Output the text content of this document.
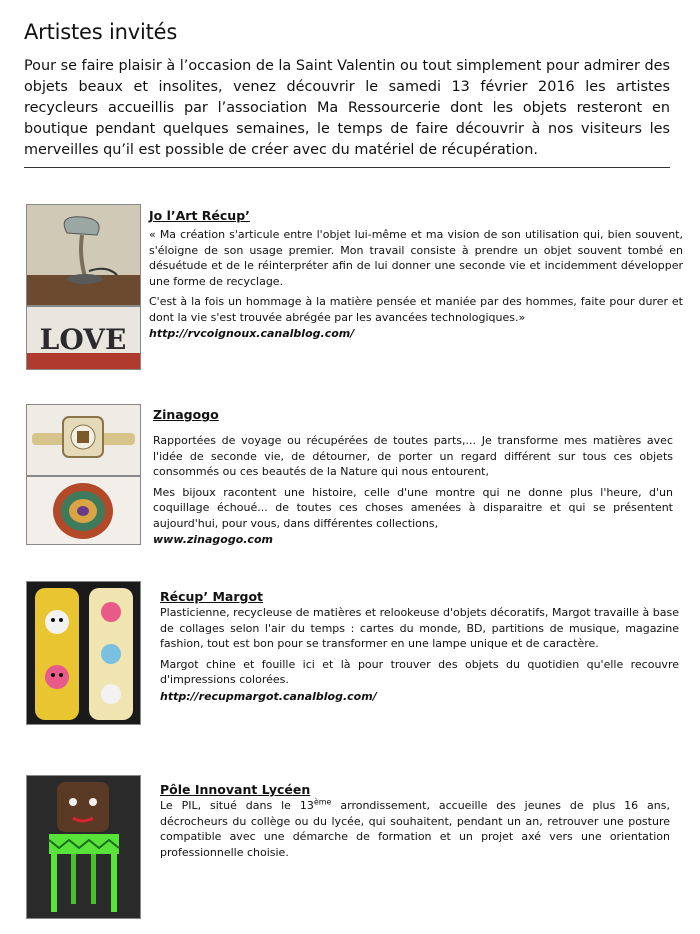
Artistes invités

Pour se faire plaisir à l’occasion de la Saint Valentin ou tout simplement pour admirer des objets beaux et insolites, venez découvrir le samedi 13 février 2016 les artistes recycleurs accueillis par l’association Ma Ressourcerie dont les objets resteront en boutique pendant quelques semaines, le temps de faire découvrir à nos visiteurs les merveilles qu’il est possible de créer avec du matériel de récupération.

LOVE
Jo l’Art Récup’

« Ma création s'articule entre l'objet lui-même et ma vision de son utilisation qui, bien souvent, s'éloigne de son usage premier. Mon travail consiste à prendre un objet souvent tombé en désuétude et de le réinterpréter afin de lui donner une seconde vie et incidemment développer une forme de recyclage.

C'est à la fois un hommage à la matière pensée et maniée par des hommes, faite pour durer et dont la vie s'est trouvée abrégée par les avancées technologiques.»

http://rvcoignoux.canalblog.com/
Zinagogo

Rapportées de voyage ou récupérées de toutes parts,... Je transforme mes matières avec l'idée de seconde vie, de détourner, de porter un regard différent sur tous ces objets consommés ou ces beautés de la Nature qui nous entourent,

Mes bijoux racontent une histoire, celle d'une montre qui ne donne plus l'heure, d'un coquillage échoué... de toutes ces choses amenées à disparaitre et qui se présentent aujourd'hui, pour vous, dans différentes collections,

www.zinagogo.com
Récup’ Margot

Plasticienne, recycleuse de matières et relookeuse d'objets décoratifs, Margot travaille à base de collages selon l'air du temps : cartes du monde, BD, partitions de musique, magazine fashion, tout est bon pour se transformer en une lampe unique et de caractère.

Margot chine et fouille ici et là pour trouver des objets du quotidien qu'elle recouvre d'impressions colorées.

http://recupmargot.canalblog.com/
Pôle Innovant Lycéen

Le PIL, situé dans le 13ème arrondissement, accueille des jeunes de plus 16 ans, décrocheurs du collège ou du lycée, qui souhaitent, pendant un an, retrouver une posture compatible avec une démarche de formation et un projet axé vers une orientation professionnelle choisie.
